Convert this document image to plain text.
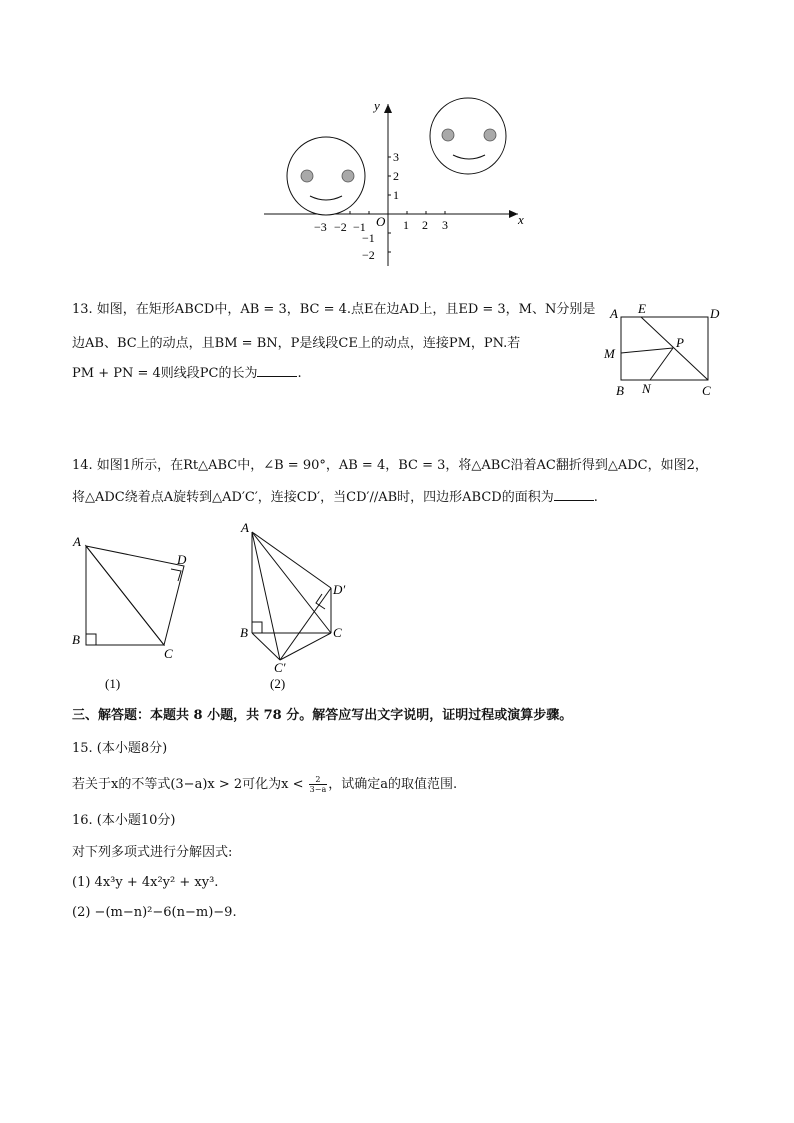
−3 −2 −1	1 2 3
3
2
1
−1
−2
O
y
x
13. 如图，在矩形ABCD中，AB = 3，BC = 4.点E在边AD上，且ED = 3，M、N分别是
边AB、BC上的动点，且BM = BN，P是线段CE上的动点，连接PM，PN.若
PM + PN = 4则线段PC的长为	.
A E	D
M
P
B N	C
14. 如图1所示，在Rt△ABC中，∠B = 90°，AB = 4，BC = 3，将△ABC沿着AC翻折得到△ADC，如图2，
将△ADC绕着点A旋转到△AD′C′，连接CD′，当CD′//AB时，四边形ABCD的面积为	.
A
D
B
C
(1)
A
D′
B	C
C′
(2)
三、解答题：本题共 8 小题，共 78 分。解答应写出文字说明，证明过程或演算步骤。
15. (本小题8分)
若关于x的不等式(3−a)x > 2可化为$x < \frac{2}{3-a}$ ，试确定a的取值范围.
16. (本小题10分)
对下列多项式进行分解因式:
(1) 4x³y + 4x²y² + xy³.
(2) −(m−n)²−6(n−m)−9.
